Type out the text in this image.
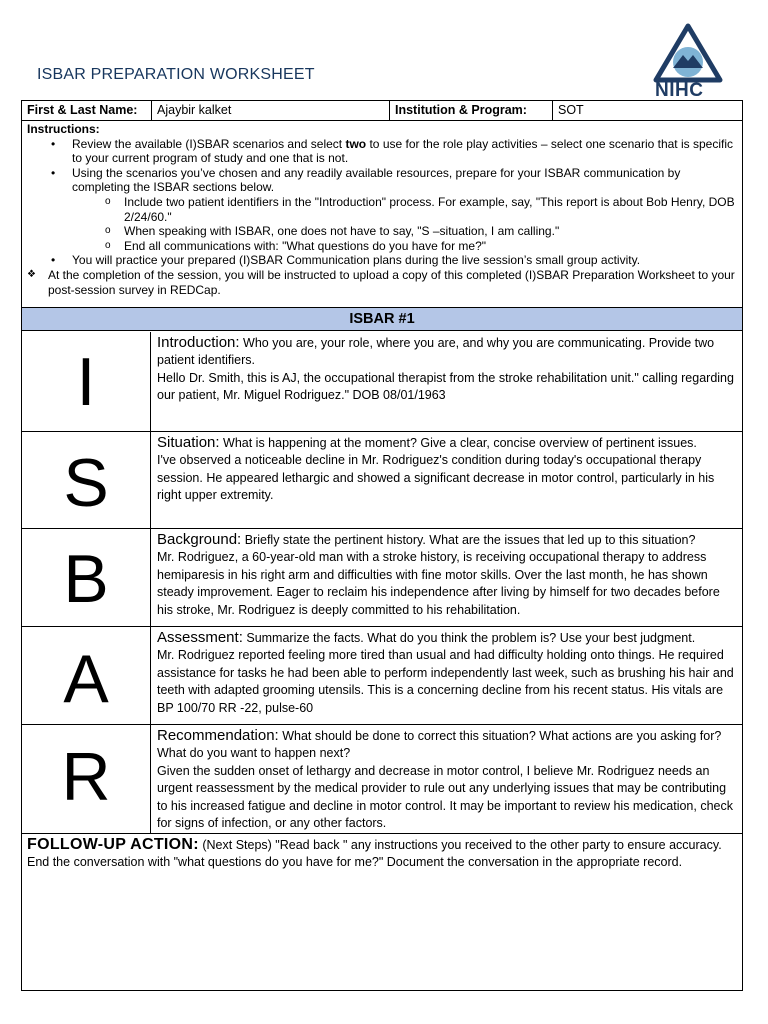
ISBAR PREPARATION WORKSHEET
NIHC
First & Last Name:	Ajaybir kalket	Institution & Program:	SOT
Instructions:
• Review the available (I)SBAR scenarios and select two to use for the role play activities – select one scenario that is specific to your current program of study and one that is not.
• Using the scenarios you’ve chosen and any readily available resources, prepare for your ISBAR communication by completing the ISBAR sections below.
o Include two patient identifiers in the "Introduction" process. For example, say, "This report is about Bob Henry, DOB 2/24/60."
o When speaking with ISBAR, one does not have to say, "S –situation, I am calling."
o End all communications with: "What questions do you have for me?"
• You will practice your prepared (I)SBAR Communication plans during the live session’s small group activity.
❖ At the completion of the session, you will be instructed to upload a copy of this completed (I)SBAR Preparation Worksheet to your post-session survey in REDCap.
ISBAR #1
I
Introduction: Who you are, your role, where you are, and why you are communicating. Provide two patient identifiers.
Hello Dr. Smith, this is AJ, the occupational therapist from the stroke rehabilitation unit." calling regarding our patient, Mr. Miguel Rodriguez." DOB 08/01/1963
S
Situation: What is happening at the moment? Give a clear, concise overview of pertinent issues.
I've observed a noticeable decline in Mr. Rodriguez's condition during today's occupational therapy session. He appeared lethargic and showed a significant decrease in motor control, particularly in his right upper extremity.
B
Background: Briefly state the pertinent history. What are the issues that led up to this situation?
Mr. Rodriguez, a 60-year-old man with a stroke history, is receiving occupational therapy to address hemiparesis in his right arm and difficulties with fine motor skills. Over the last month, he has shown steady improvement. Eager to reclaim his independence after living by himself for two decades before his stroke, Mr. Rodriguez is deeply committed to his rehabilitation.
A
Assessment: Summarize the facts. What do you think the problem is? Use your best judgment.
Mr. Rodriguez reported feeling more tired than usual and had difficulty holding onto things. He required assistance for tasks he had been able to perform independently last week, such as brushing his hair and teeth with adapted grooming utensils. This is a concerning decline from his recent status. His vitals are BP 100/70 RR -22, pulse-60
R
Recommendation: What should be done to correct this situation? What actions are you asking for? What do you want to happen next?
Given the sudden onset of lethargy and decrease in motor control, I believe Mr. Rodriguez needs an urgent reassessment by the medical provider to rule out any underlying issues that may be contributing to his increased fatigue and decline in motor control. It may be important to review his medication, check for signs of infection, or any other factors.
FOLLOW-UP ACTION: (Next Steps) "Read back " any instructions you received to the other party to ensure accuracy. End the conversation with "what questions do you have for me?" Document the conversation in the appropriate record.
